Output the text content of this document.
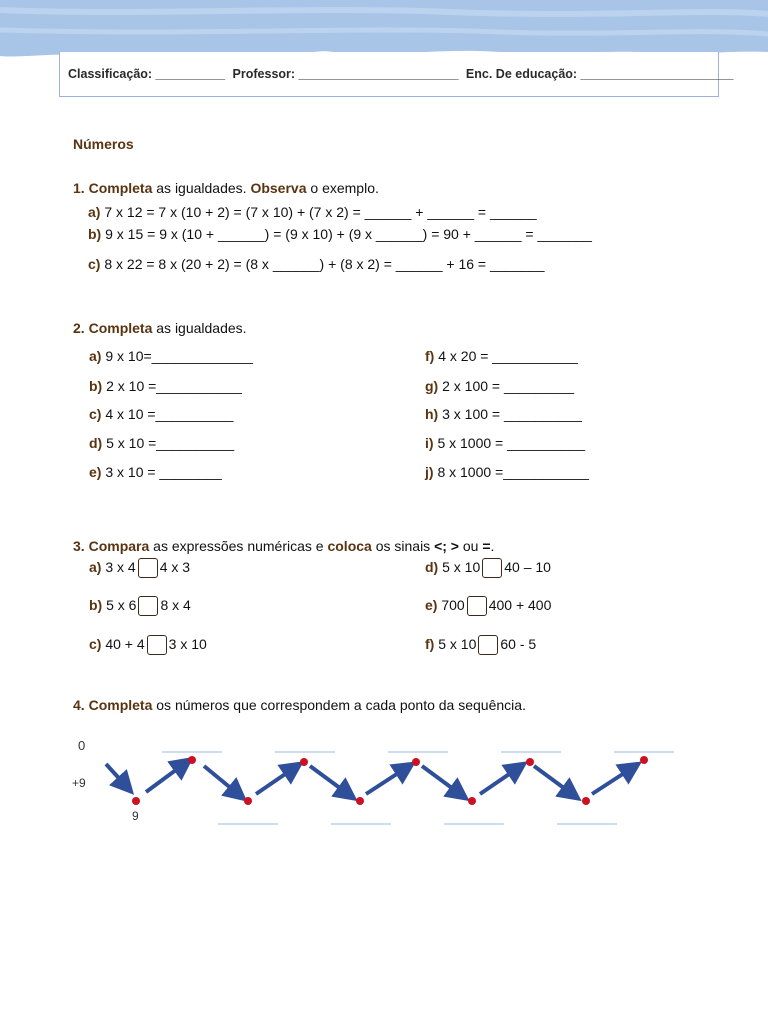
Classificação: __________ Professor: _______________________ Enc. De educação: ______________________
Números
1. Completa as igualdades. Observa o exemplo.
a) 7 x 12 = 7 x (10 + 2) = (7 x 10) + (7 x 2) = ______ + ______ = ______
b) 9 x 15 = 9 x (10 + ______) = (9 x 10) + (9 x ______) = 90 + ______ = _______
c) 8 x 22 = 8 x (20 + 2) = (8 x ______) + (8 x 2) = ______ + 16 = _______
2. Completa as igualdades.
a) 9 x 10=_____________
b) 2 x 10 =___________
c) 4 x 10 =__________
d) 5 x 10 =__________
e) 3 x 10 = ________
f) 4 x 20 = ___________
g) 2 x 100 = _________
h) 3 x 100 = __________
i) 5 x 1000 = __________
j) 8 x 1000 =___________
3. Compara as expressões numéricas e coloca os sinais <; > ou =.
a) 3 x 4 4 x 3
b) 5 x 6 8 x 4
c) 40 + 4 3 x 10
d) 5 x 10 40 – 10
e) 700 400 + 400
f) 5 x 10 60 - 5
4. Completa os números que correspondem a cada ponto da sequência.
0
+9
9
